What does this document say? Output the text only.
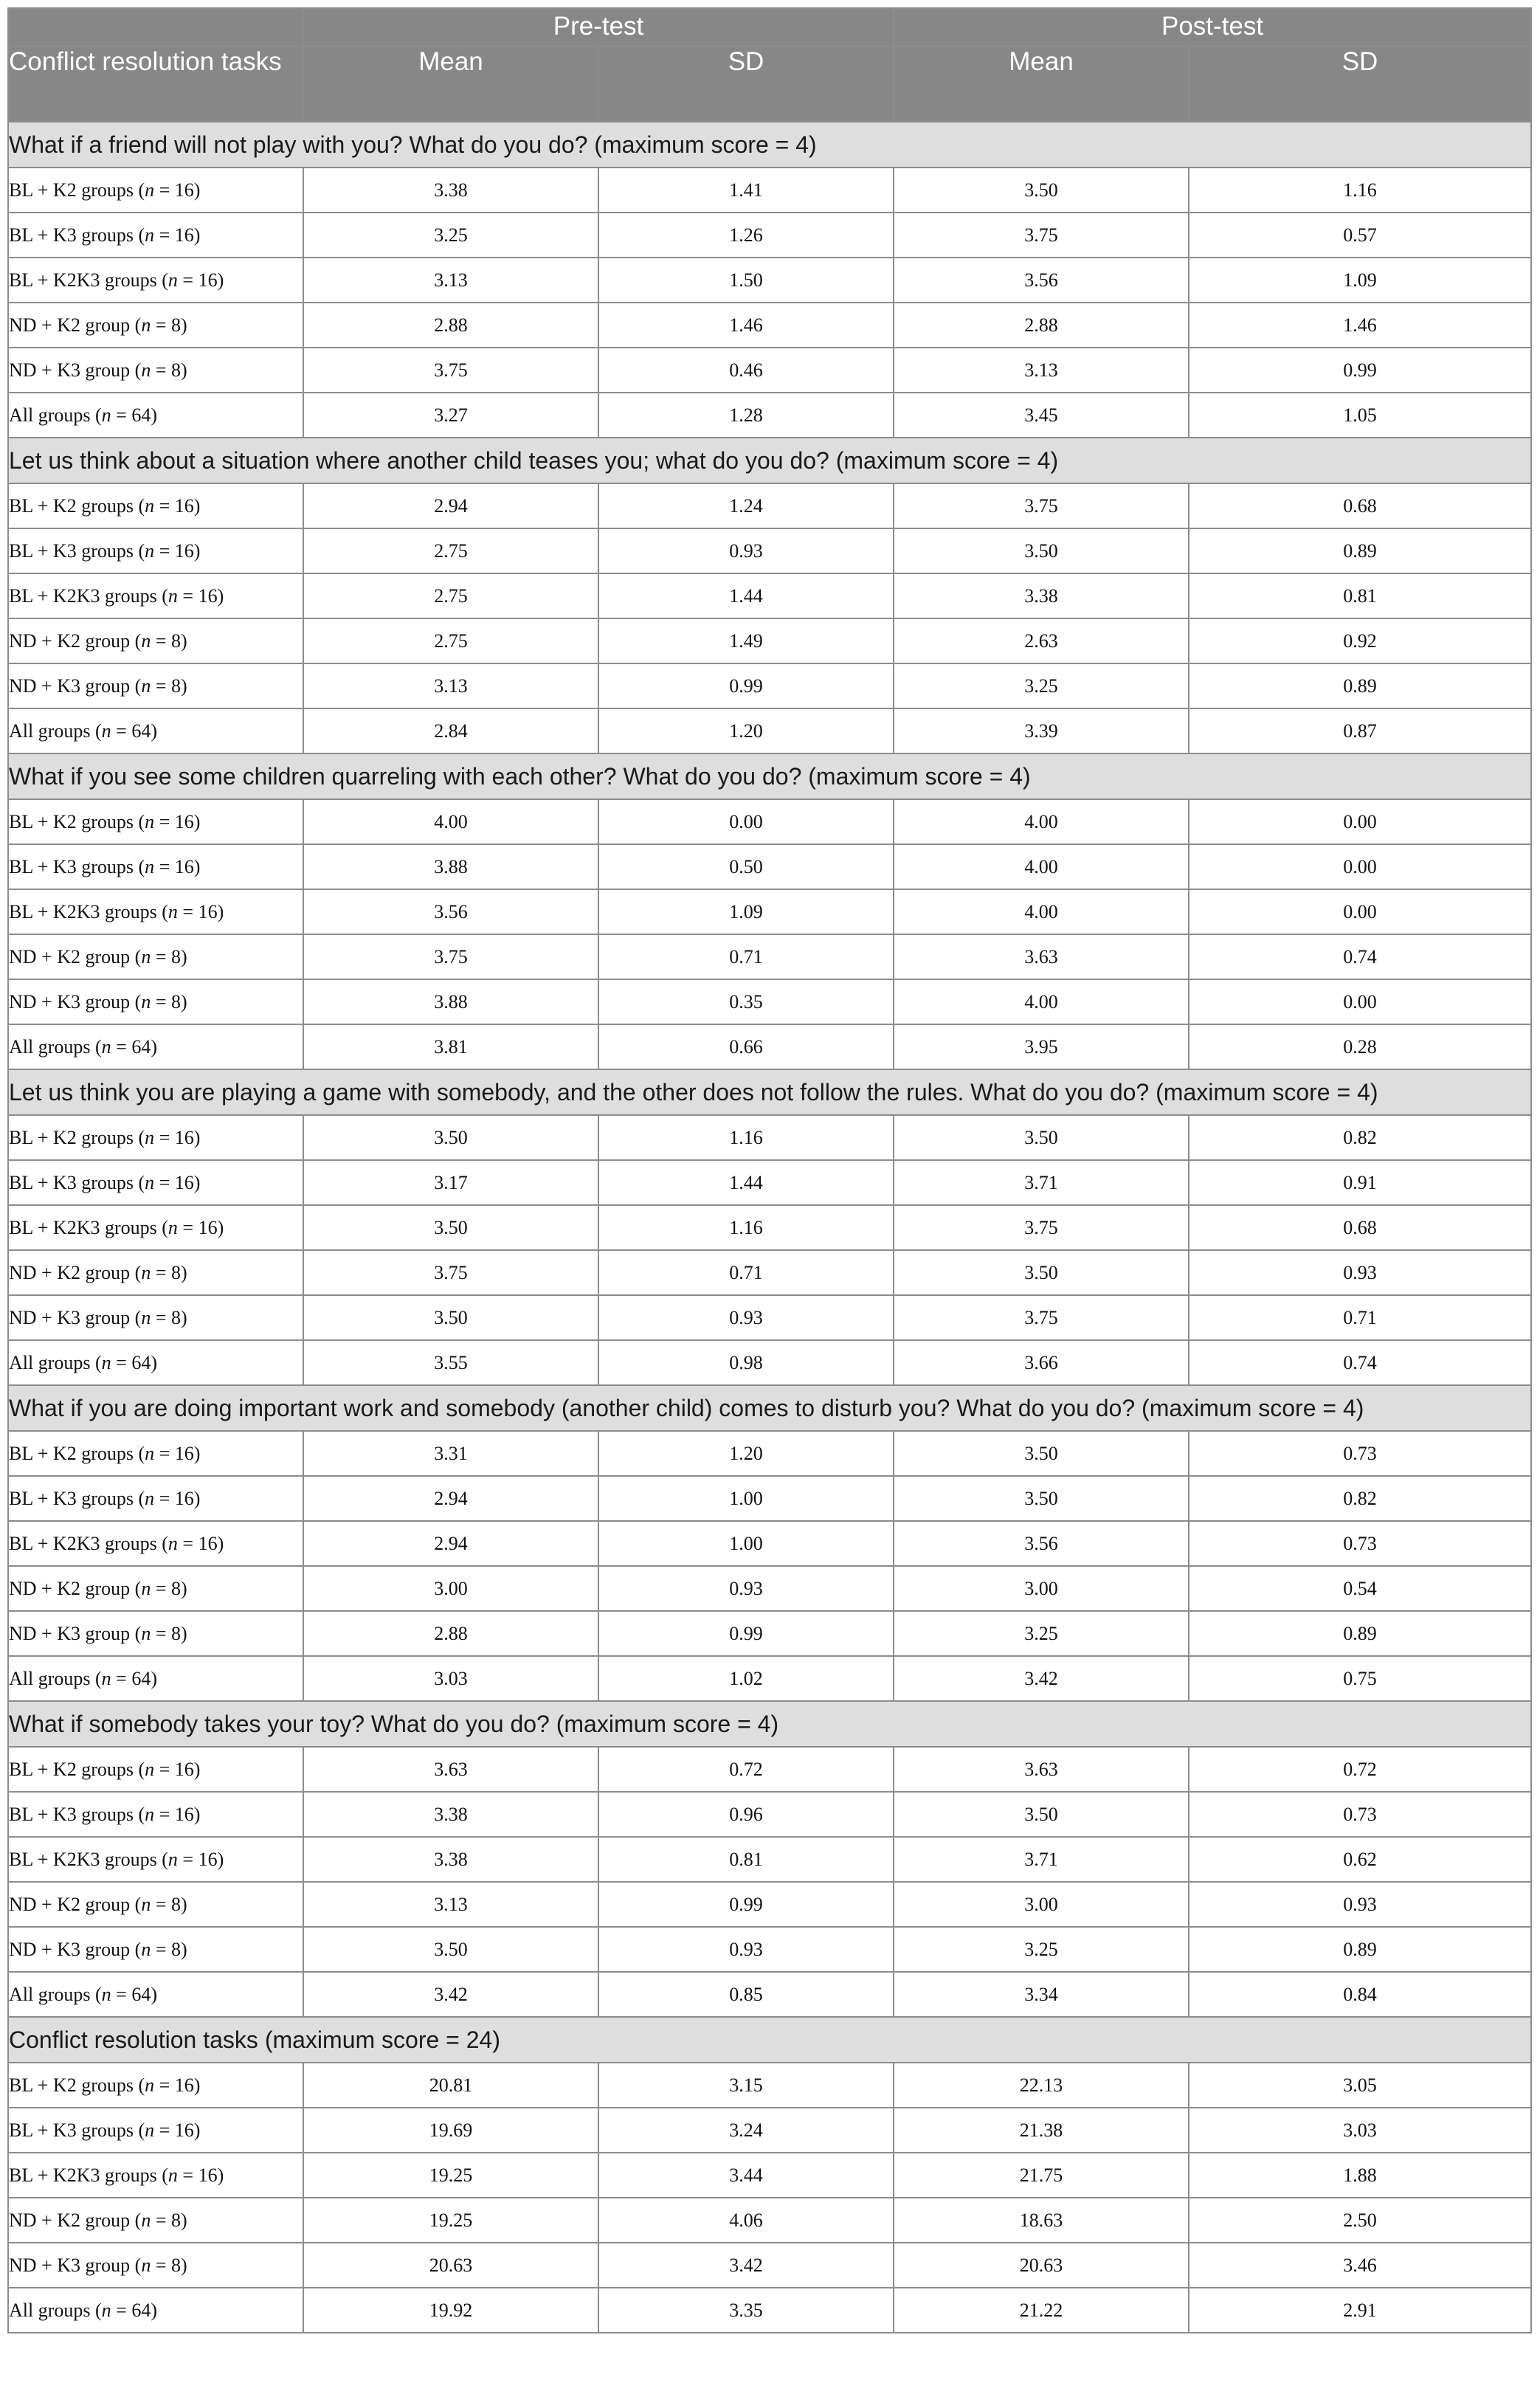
	Pre-test		Post-test	
Conflict resolution tasks	Mean	SD	Mean	SD
What if a friend will not play with you? What do you do? (maximum score = 4)				
BL + K2 groups (n = 16)	3.38	1.41	3.50	1.16
BL + K3 groups (n = 16)	3.25	1.26	3.75	0.57
BL + K2K3 groups (n = 16)	3.13	1.50	3.56	1.09
ND + K2 group (n = 8)	2.88	1.46	2.88	1.46
ND + K3 group (n = 8)	3.75	0.46	3.13	0.99
All groups (n = 64)	3.27	1.28	3.45	1.05
Let us think about a situation where another child teases you; what do you do? (maximum score = 4)				
BL + K2 groups (n = 16)	2.94	1.24	3.75	0.68
BL + K3 groups (n = 16)	2.75	0.93	3.50	0.89
BL + K2K3 groups (n = 16)	2.75	1.44	3.38	0.81
ND + K2 group (n = 8)	2.75	1.49	2.63	0.92
ND + K3 group (n = 8)	3.13	0.99	3.25	0.89
All groups (n = 64)	2.84	1.20	3.39	0.87
What if you see some children quarreling with each other? What do you do? (maximum score = 4)				
BL + K2 groups (n = 16)	4.00	0.00	4.00	0.00
BL + K3 groups (n = 16)	3.88	0.50	4.00	0.00
BL + K2K3 groups (n = 16)	3.56	1.09	4.00	0.00
ND + K2 group (n = 8)	3.75	0.71	3.63	0.74
ND + K3 group (n = 8)	3.88	0.35	4.00	0.00
All groups (n = 64)	3.81	0.66	3.95	0.28
Let us think you are playing a game with somebody, and the other does not follow the rules. What do you do? (maximum score = 4)				
BL + K2 groups (n = 16)	3.50	1.16	3.50	0.82
BL + K3 groups (n = 16)	3.17	1.44	3.71	0.91
BL + K2K3 groups (n = 16)	3.50	1.16	3.75	0.68
ND + K2 group (n = 8)	3.75	0.71	3.50	0.93
ND + K3 group (n = 8)	3.50	0.93	3.75	0.71
All groups (n = 64)	3.55	0.98	3.66	0.74
What if you are doing important work and somebody (another child) comes to disturb you? What do you do? (maximum score = 4)				
BL + K2 groups (n = 16)	3.31	1.20	3.50	0.73
BL + K3 groups (n = 16)	2.94	1.00	3.50	0.82
BL + K2K3 groups (n = 16)	2.94	1.00	3.56	0.73
ND + K2 group (n = 8)	3.00	0.93	3.00	0.54
ND + K3 group (n = 8)	2.88	0.99	3.25	0.89
All groups (n = 64)	3.03	1.02	3.42	0.75
What if somebody takes your toy? What do you do? (maximum score = 4)				
BL + K2 groups (n = 16)	3.63	0.72	3.63	0.72
BL + K3 groups (n = 16)	3.38	0.96	3.50	0.73
BL + K2K3 groups (n = 16)	3.38	0.81	3.71	0.62
ND + K2 group (n = 8)	3.13	0.99	3.00	0.93
ND + K3 group (n = 8)	3.50	0.93	3.25	0.89
All groups (n = 64)	3.42	0.85	3.34	0.84
Conflict resolution tasks (maximum score = 24)				
BL + K2 groups (n = 16)	20.81	3.15	22.13	3.05
BL + K3 groups (n = 16)	19.69	3.24	21.38	3.03
BL + K2K3 groups (n = 16)	19.25	3.44	21.75	1.88
ND + K2 group (n = 8)	19.25	4.06	18.63	2.50
ND + K3 group (n = 8)	20.63	3.42	20.63	3.46
All groups (n = 64)	19.92	3.35	21.22	2.91
